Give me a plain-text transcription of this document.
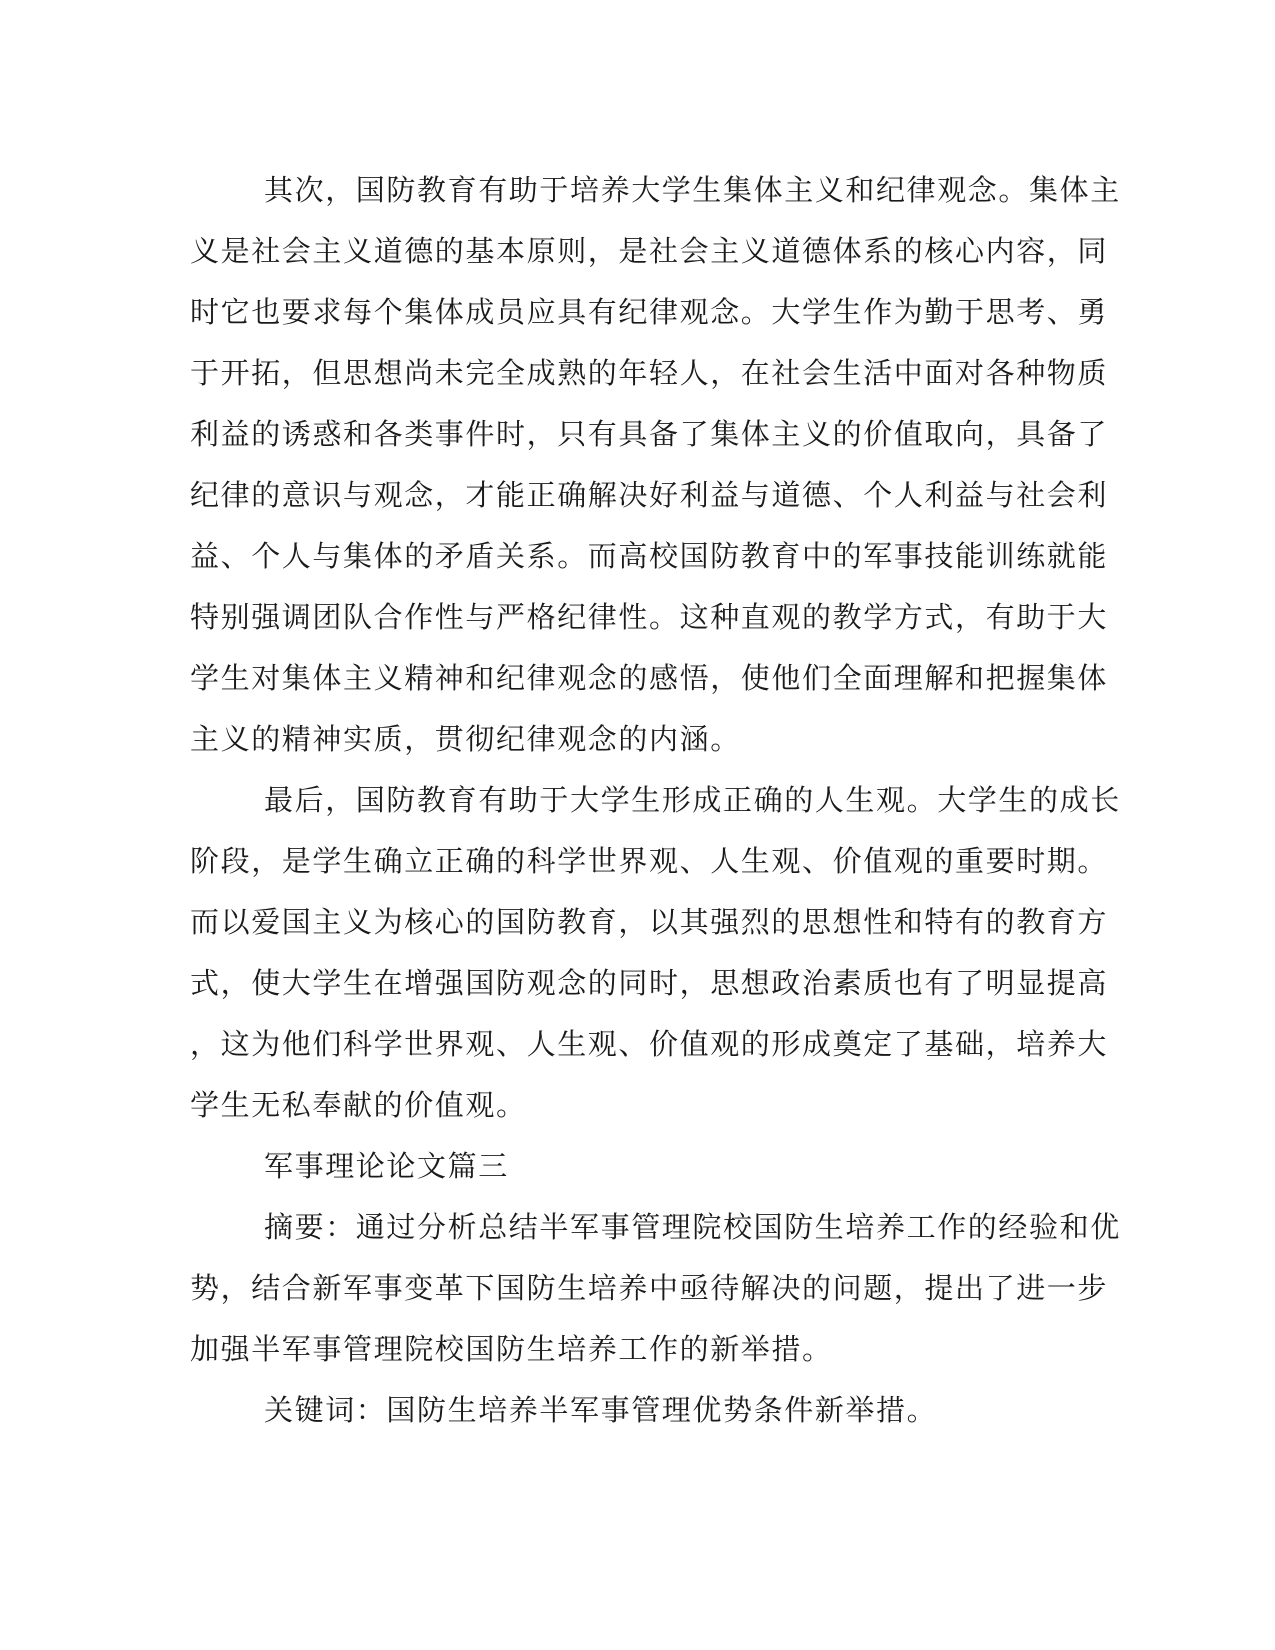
其次，国防教育有助于培养大学生集体主义和纪律观念。集体主
义是社会主义道德的基本原则，是社会主义道德体系的核心内容，同
时它也要求每个集体成员应具有纪律观念。大学生作为勤于思考、勇
于开拓，但思想尚未完全成熟的年轻人，在社会生活中面对各种物质
利益的诱惑和各类事件时，只有具备了集体主义的价值取向，具备了
纪律的意识与观念，才能正确解决好利益与道德、个人利益与社会利
益、个人与集体的矛盾关系。而高校国防教育中的军事技能训练就能
特别强调团队合作性与严格纪律性。这种直观的教学方式，有助于大
学生对集体主义精神和纪律观念的感悟，使他们全面理解和把握集体
主义的精神实质，贯彻纪律观念的内涵。
最后，国防教育有助于大学生形成正确的人生观。大学生的成长
阶段，是学生确立正确的科学世界观、人生观、价值观的重要时期。
而以爱国主义为核心的国防教育，以其强烈的思想性和特有的教育方
式，使大学生在增强国防观念的同时，思想政治素质也有了明显提高
，这为他们科学世界观、人生观、价值观的形成奠定了基础，培养大
学生无私奉献的价值观。
军事理论论文篇三
摘要：通过分析总结半军事管理院校国防生培养工作的经验和优
势，结合新军事变革下国防生培养中亟待解决的问题，提出了进一步
加强半军事管理院校国防生培养工作的新举措。
关键词：国防生培养半军事管理优势条件新举措。
